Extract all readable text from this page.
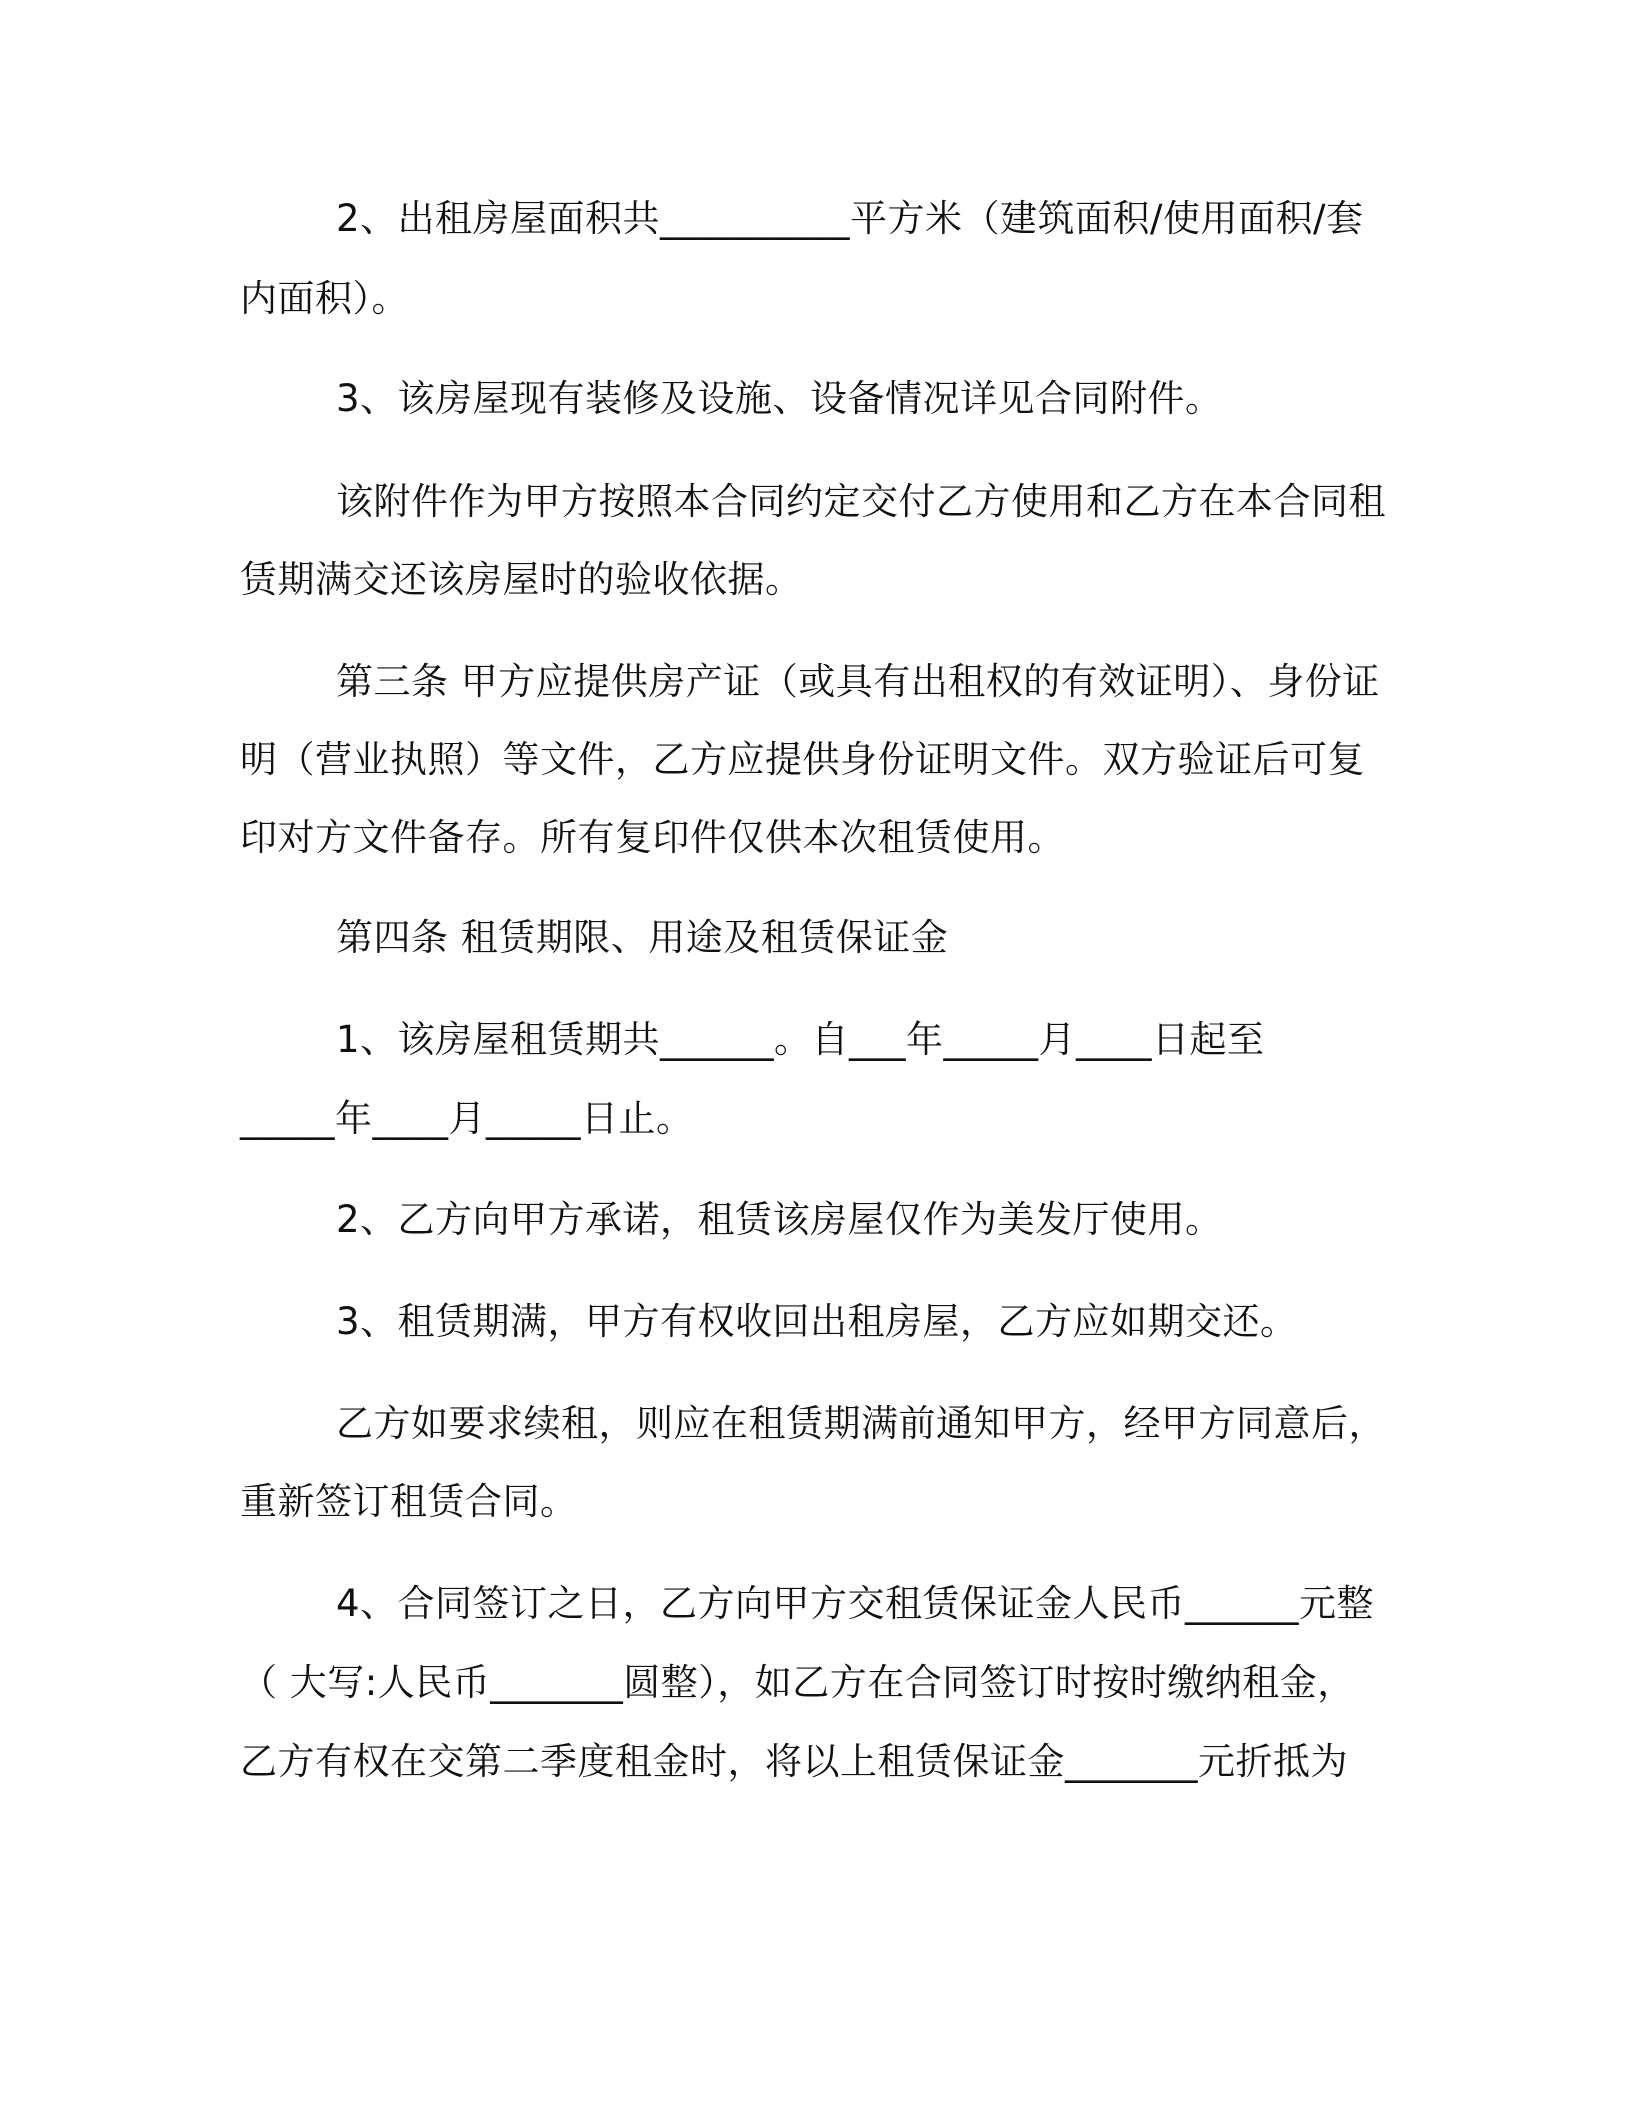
2、出租房屋面积共__________平方米（建筑面积/使用面积/套
内面积）。
3、该房屋现有装修及设施、设备情况详见合同附件。
该附件作为甲方按照本合同约定交付乙方使用和乙方在本合同租
赁期满交还该房屋时的验收依据。
第三条 甲方应提供房产证（或具有出租权的有效证明）、身份证
明（营业执照）等文件，乙方应提供身份证明文件。双方验证后可复
印对方文件备存。所有复印件仅供本次租赁使用。
第四条 租赁期限、用途及租赁保证金
1、该房屋租赁期共______。自___年_____月____日起至
_____年____月_____日止。
2、乙方向甲方承诺，租赁该房屋仅作为美发厅使用。
3、租赁期满，甲方有权收回出租房屋，乙方应如期交还。
乙方如要求续租，则应在租赁期满前通知甲方，经甲方同意后，
重新签订租赁合同。
4、合同签订之日，乙方向甲方交租赁保证金人民币______元整
（ 大写:人民币_______圆整），如乙方在合同签订时按时缴纳租金，
乙方有权在交第二季度租金时，将以上租赁保证金_______元折抵为
